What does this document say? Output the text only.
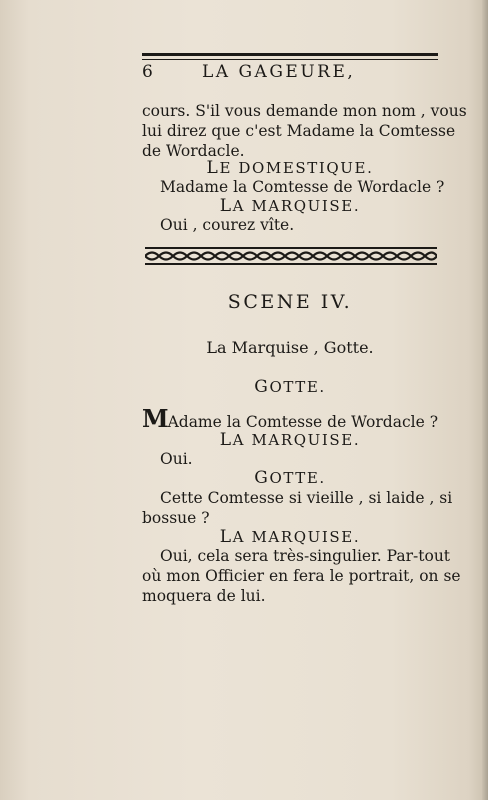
6	LA GAGEURE,
cours. S'il vous demande mon nom , vous
lui direz que c'est Madame la Comtesse
de Wordacle.
LE DOMESTIQUE.
Madame la Comtesse de Wordacle ?
LA MARQUISE.
Oui , courez vîte.
SCENE IV.
La Marquise , Gotte.
GOTTE.
MAdame la Comtesse de Wordacle ?
LA MARQUISE.
Oui.
GOTTE.
Cette Comtesse si vieille , si laide , si
bossue ?
LA MARQUISE.
Oui, cela sera très-singulier. Par-tout
où mon Officier en fera le portrait, on se
moquera de lui.
